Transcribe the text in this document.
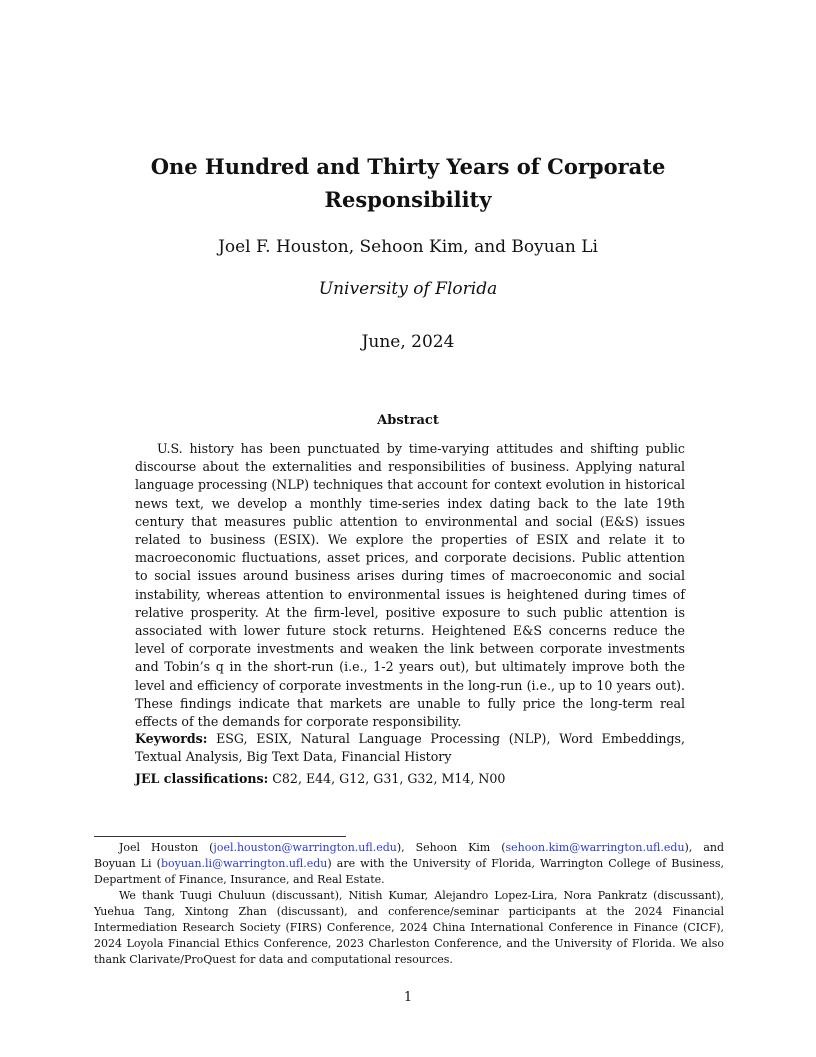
One Hundred and Thirty Years of Corporate Responsibility
Joel F. Houston, Sehoon Kim, and Boyuan Li
University of Florida
June, 2024
Abstract

U.S. history has been punctuated by time-varying attitudes and shifting public discourse about the externalities and responsibilities of business. Applying natural language processing (NLP) techniques that account for context evolution in historical news text, we develop a monthly time-series index dating back to the late 19th century that measures public attention to environmental and social (E&S) issues related to business (ESIX). We explore the properties of ESIX and relate it to macroeconomic fluctuations, asset prices, and corporate decisions. Public attention to social issues around business arises during times of macroeconomic and social instability, whereas attention to environmental issues is heightened during times of relative prosperity. At the firm-level, positive exposure to such public attention is associated with lower future stock returns. Heightened E&S concerns reduce the level of corporate investments and weaken the link between corporate investments and Tobin’s q in the short-run (i.e., 1-2 years out), but ultimately improve both the level and efficiency of corporate investments in the long-run (i.e., up to 10 years out). These findings indicate that markets are unable to fully price the long-term real effects of the demands for corporate responsibility.

Keywords: ESG, ESIX, Natural Language Processing (NLP), Word Embeddings, Textual Analysis, Big Text Data, Financial History

JEL classifications: C82, E44, G12, G31, G32, M14, N00

Joel Houston (joel.houston@warrington.ufl.edu), Sehoon Kim (sehoon.kim@warrington.ufl.edu), and Boyuan Li (boyuan.li@warrington.ufl.edu) are with the University of Florida, Warrington College of Business, Department of Finance, Insurance, and Real Estate.

We thank Tuugi Chuluun (discussant), Nitish Kumar, Alejandro Lopez-Lira, Nora Pankratz (discussant), Yuehua Tang, Xintong Zhan (discussant), and conference/seminar participants at the 2024 Financial Intermediation Research Society (FIRS) Conference, 2024 China International Conference in Finance (CICF), 2024 Loyola Financial Ethics Conference, 2023 Charleston Conference, and the University of Florida. We also thank Clarivate/ProQuest for data and computational resources.

1
